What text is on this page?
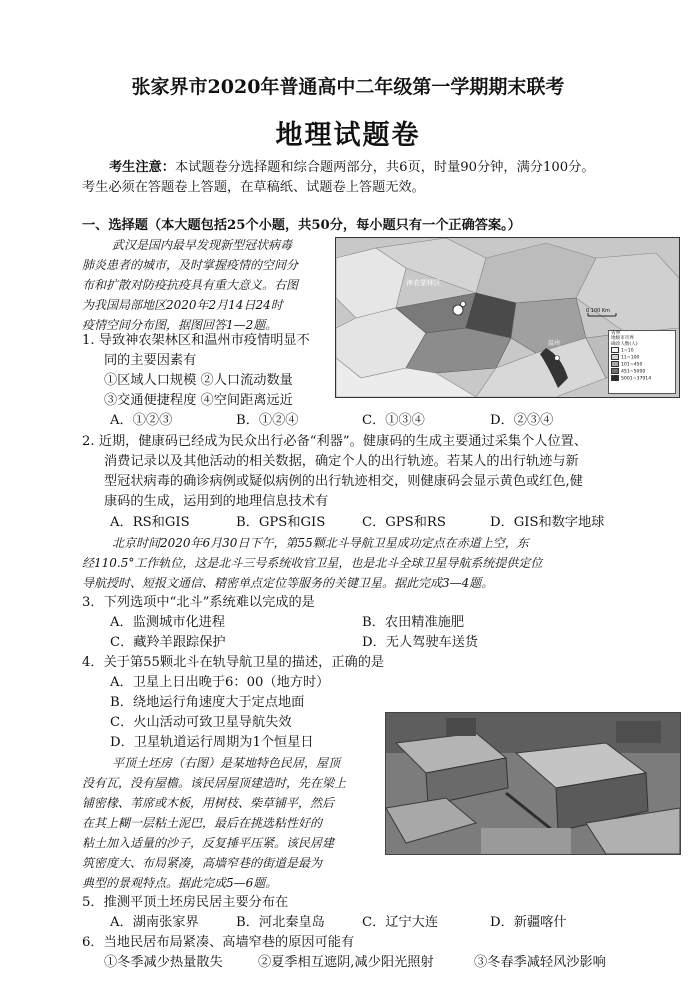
张家界市2020年普通高中二年级第一学期期末联考
地理试题卷
考生注意：本试题卷分选择题和综合题两部分，共6页，时量90分钟，满分100分。
考生必须在答题卷上答题，在草稿纸、试题卷上答题无效。
一、选择题（本大题包括25个小题，共50分，每小题只有一个正确答案。）
武汉是国内最早发现新型冠状病毒
肺炎患者的城市，及时掌握疫情的空间分
布和扩散对防疫抗疫具有重大意义。右图
为我国局部地区2020年2月14日24时
疫情空间分布图，据图回答1—2题。
神农架林区
温州
0 100 Km
省界
地级市市界
确诊人数(人)
1~10
11~100
101~450
451~5000
5001~37914
1. 导致神农架林区和温州市疫情明显不
同的主要因素有
①区域人口规模 ②人口流动数量
③交通便捷程度 ④空间距离远近
A．①②③	B．①②④	C．①③④	D．②③④
2. 近期，健康码已经成为民众出行必备“利器”。健康码的生成主要通过采集个人位置、
消费记录以及其他活动的相关数据，确定个人的出行轨迹。若某人的出行轨迹与新
型冠状病毒的确诊病例或疑似病例的出行轨迹相交，则健康码会显示黄色或红色,健
康码的生成，运用到的地理信息技术有
A．RS和GIS	B．GPS和GIS	C．GPS和RS	D．GIS和数字地球
北京时间2020年6月30日下午，第55颗北斗导航卫星成功定点在赤道上空，东
经110.5°工作轨位，这是北斗三号系统收官卫星，也是北斗全球卫星导航系统提供定位
导航授时、短报文通信、精密单点定位等服务的关键卫星。据此完成3—4题。
3．下列选项中“北斗”系统难以完成的是
A．监测城市化进程	B．农田精准施肥
C．藏羚羊跟踪保护	D．无人驾驶车送货
4．关于第55颗北斗在轨导航卫星的描述，正确的是
A．卫星上日出晚于6：00（地方时）
B．绕地运行角速度大于定点地面
C．火山活动可致卫星导航失效
D．卫星轨道运行周期为1个恒星日
平顶土坯房（右图）是某地特色民居，屋顶
没有瓦，没有屋檐。该民居屋顶建造时，先在梁上
铺密椽、苇席或木板，用树枝、柴草铺平，然后
在其上糊一层粘土泥巴，最后在挑选粘性好的
粘土加入适量的沙子，反复捶平压紧。该民居建
筑密度大、布局紧凑，高墙窄巷的街道是最为
典型的景观特点。据此完成5—6题。
5．推测平顶土坯房民居主要分布在
A．湖南张家界	B．河北秦皇岛	C．辽宁大连	D．新疆喀什
6．当地民居布局紧凑、高墙窄巷的原因可能有
①冬季减少热量散失	②夏季相互遮阴,减少阳光照射	③冬春季减轻风沙影响
